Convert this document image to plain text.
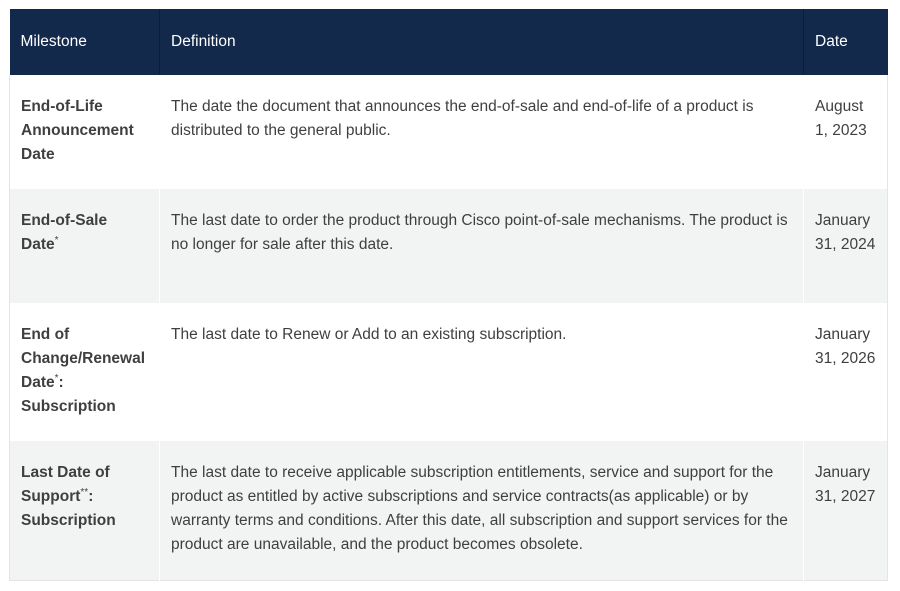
Milestone	Definition	Date
End-of-Life Announcement Date	The date the document that announces the end-of-sale and end-of-life of a product is distributed to the general public.	August 1, 2023
End-of-Sale Date*	The last date to order the product through Cisco point-of-sale mechanisms. The product is no longer for sale after this date.	January 31, 2024
End of Change/Renewal Date*: Subscription	The last date to Renew or Add to an existing subscription.	January 31, 2026
Last Date of Support**: Subscription	The last date to receive applicable subscription entitlements, service and support for the product as entitled by active subscriptions and service contracts(as applicable) or by warranty terms and conditions. After this date, all subscription and support services for the product are unavailable, and the product becomes obsolete.	January 31, 2027
